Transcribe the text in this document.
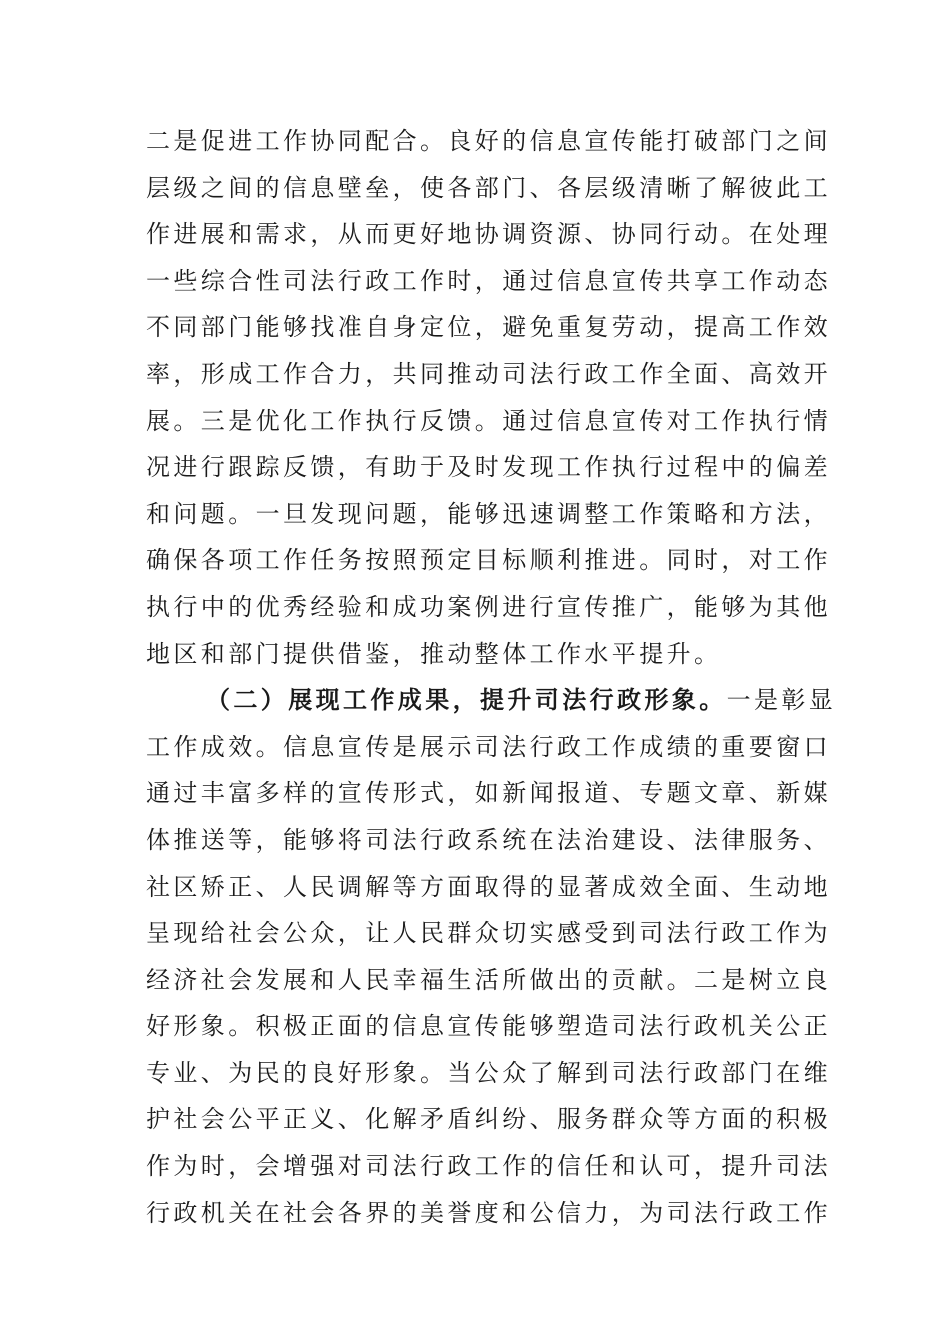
二是促进工作协同配合。良好的信息宣传能打破部门之间
层级之间的信息壁垒，使各部门、各层级清晰了解彼此工
作进展和需求，从而更好地协调资源、协同行动。在处理
一些综合性司法行政工作时，通过信息宣传共享工作动态
不同部门能够找准自身定位，避免重复劳动，提高工作效
率，形成工作合力，共同推动司法行政工作全面、高效开
展。三是优化工作执行反馈。通过信息宣传对工作执行情
况进行跟踪反馈，有助于及时发现工作执行过程中的偏差
和问题。一旦发现问题，能够迅速调整工作策略和方法，
确保各项工作任务按照预定目标顺利推进。同时，对工作
执行中的优秀经验和成功案例进行宣传推广，能够为其他
地区和部门提供借鉴，推动整体工作水平提升。
（二）展现工作成果，提升司法行政形象。一是彰显
工作成效。信息宣传是展示司法行政工作成绩的重要窗口
通过丰富多样的宣传形式，如新闻报道、专题文章、新媒
体推送等，能够将司法行政系统在法治建设、法律服务、
社区矫正、人民调解等方面取得的显著成效全面、生动地
呈现给社会公众，让人民群众切实感受到司法行政工作为
经济社会发展和人民幸福生活所做出的贡献。二是树立良
好形象。积极正面的信息宣传能够塑造司法行政机关公正
专业、为民的良好形象。当公众了解到司法行政部门在维
护社会公平正义、化解矛盾纠纷、服务群众等方面的积极
作为时，会增强对司法行政工作的信任和认可，提升司法
行政机关在社会各界的美誉度和公信力，为司法行政工作
